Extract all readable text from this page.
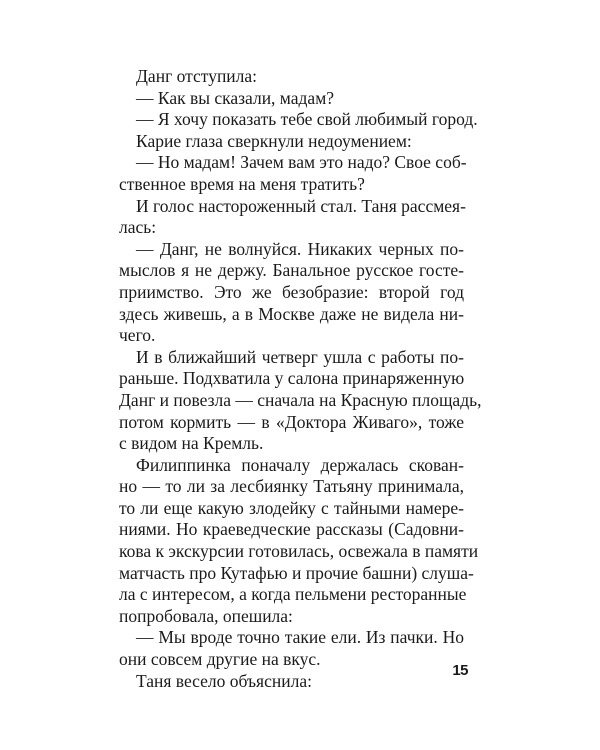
Данг отступила:
— Как вы сказали, мадам?
— Я хочу показать тебе свой любимый город.
Карие глаза сверкнули недоумением:
— Но мадам! Зачем вам это надо? Свое соб-
ственное время на меня тратить?
И голос настороженный стал. Таня рассмея-
лась:
— Данг, не волнуйся. Никаких черных по-
мыслов я не держу. Банальное русское госте-
приимство. Это же безобразие: второй год
здесь живешь, а в Москве даже не видела ни-
чего.
И в ближайший четверг ушла с работы по-
раньше. Подхватила у салона принаряженную
Данг и повезла — сначала на Красную площадь,
потом кормить — в «Доктора Живаго», тоже
с видом на Кремль.
Филиппинка поначалу держалась скован-
но — то ли за лесбиянку Татьяну принимала,
то ли еще какую злодейку с тайными намере-
ниями. Но краеведческие рассказы (Садовни-
кова к экскурсии готовилась, освежала в памяти
матчасть про Кутафью и прочие башни) слуша-
ла с интересом, а когда пельмени ресторанные
попробовала, опешила:
— Мы вроде точно такие ели. Из пачки. Но
они совсем другие на вкус.
Таня весело объяснила:
15
